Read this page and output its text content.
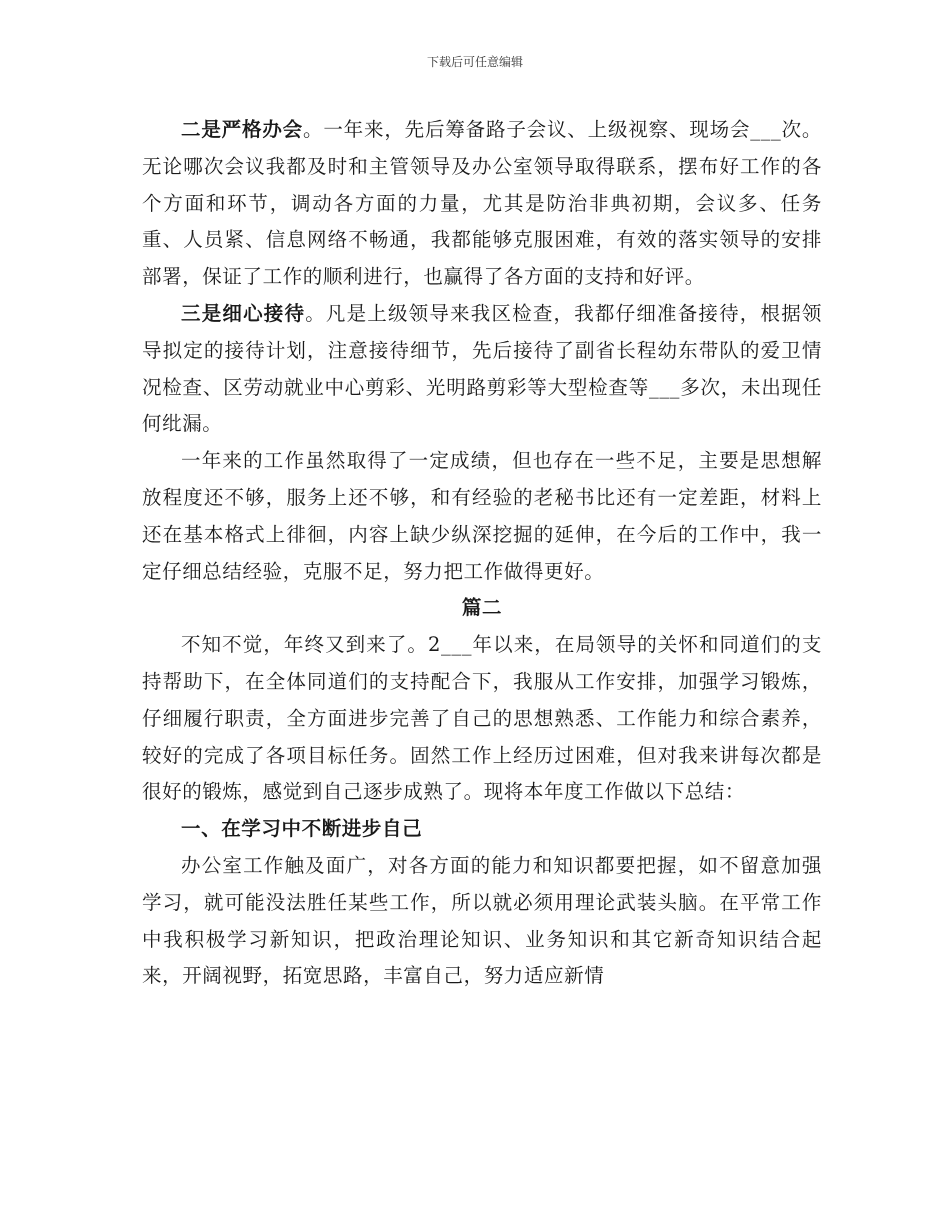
下载后可任意编辑

二是严格办会。一年来，先后筹备路子会议、上级视察、现场会___次。无论哪次会议我都及时和主管领导及办公室领导取得联系，摆布好工作的各个方面和环节，调动各方面的力量，尤其是防治非典初期，会议多、任务重、人员紧、信息网络不畅通，我都能够克服困难，有效的落实领导的安排部署，保证了工作的顺利进行，也赢得了各方面的支持和好评。

三是细心接待。凡是上级领导来我区检查，我都仔细准备接待，根据领导拟定的接待计划，注意接待细节，先后接待了副省长程幼东带队的爱卫情况检查、区劳动就业中心剪彩、光明路剪彩等大型检查等___多次，未出现任何纰漏。

一年来的工作虽然取得了一定成绩，但也存在一些不足，主要是思想解放程度还不够，服务上还不够，和有经验的老秘书比还有一定差距，材料上还在基本格式上徘徊，内容上缺少纵深挖掘的延伸，在今后的工作中，我一定仔细总结经验，克服不足，努力把工作做得更好。

篇二

不知不觉，年终又到来了。2___年以来，在局领导的关怀和同道们的支持帮助下，在全体同道们的支持配合下，我服从工作安排，加强学习锻炼，仔细履行职责，全方面进步完善了自己的思想熟悉、工作能力和综合素养，较好的完成了各项目标任务。固然工作上经历过困难，但对我来讲每次都是很好的锻炼，感觉到自己逐步成熟了。现将本年度工作做以下总结：

一、在学习中不断进步自己

办公室工作触及面广，对各方面的能力和知识都要把握，如不留意加强学习，就可能没法胜任某些工作，所以就必须用理论武装头脑。在平常工作中我积极学习新知识，把政治理论知识、业务知识和其它新奇知识结合起来，开阔视野，拓宽思路，丰富自己，努力适应新情
